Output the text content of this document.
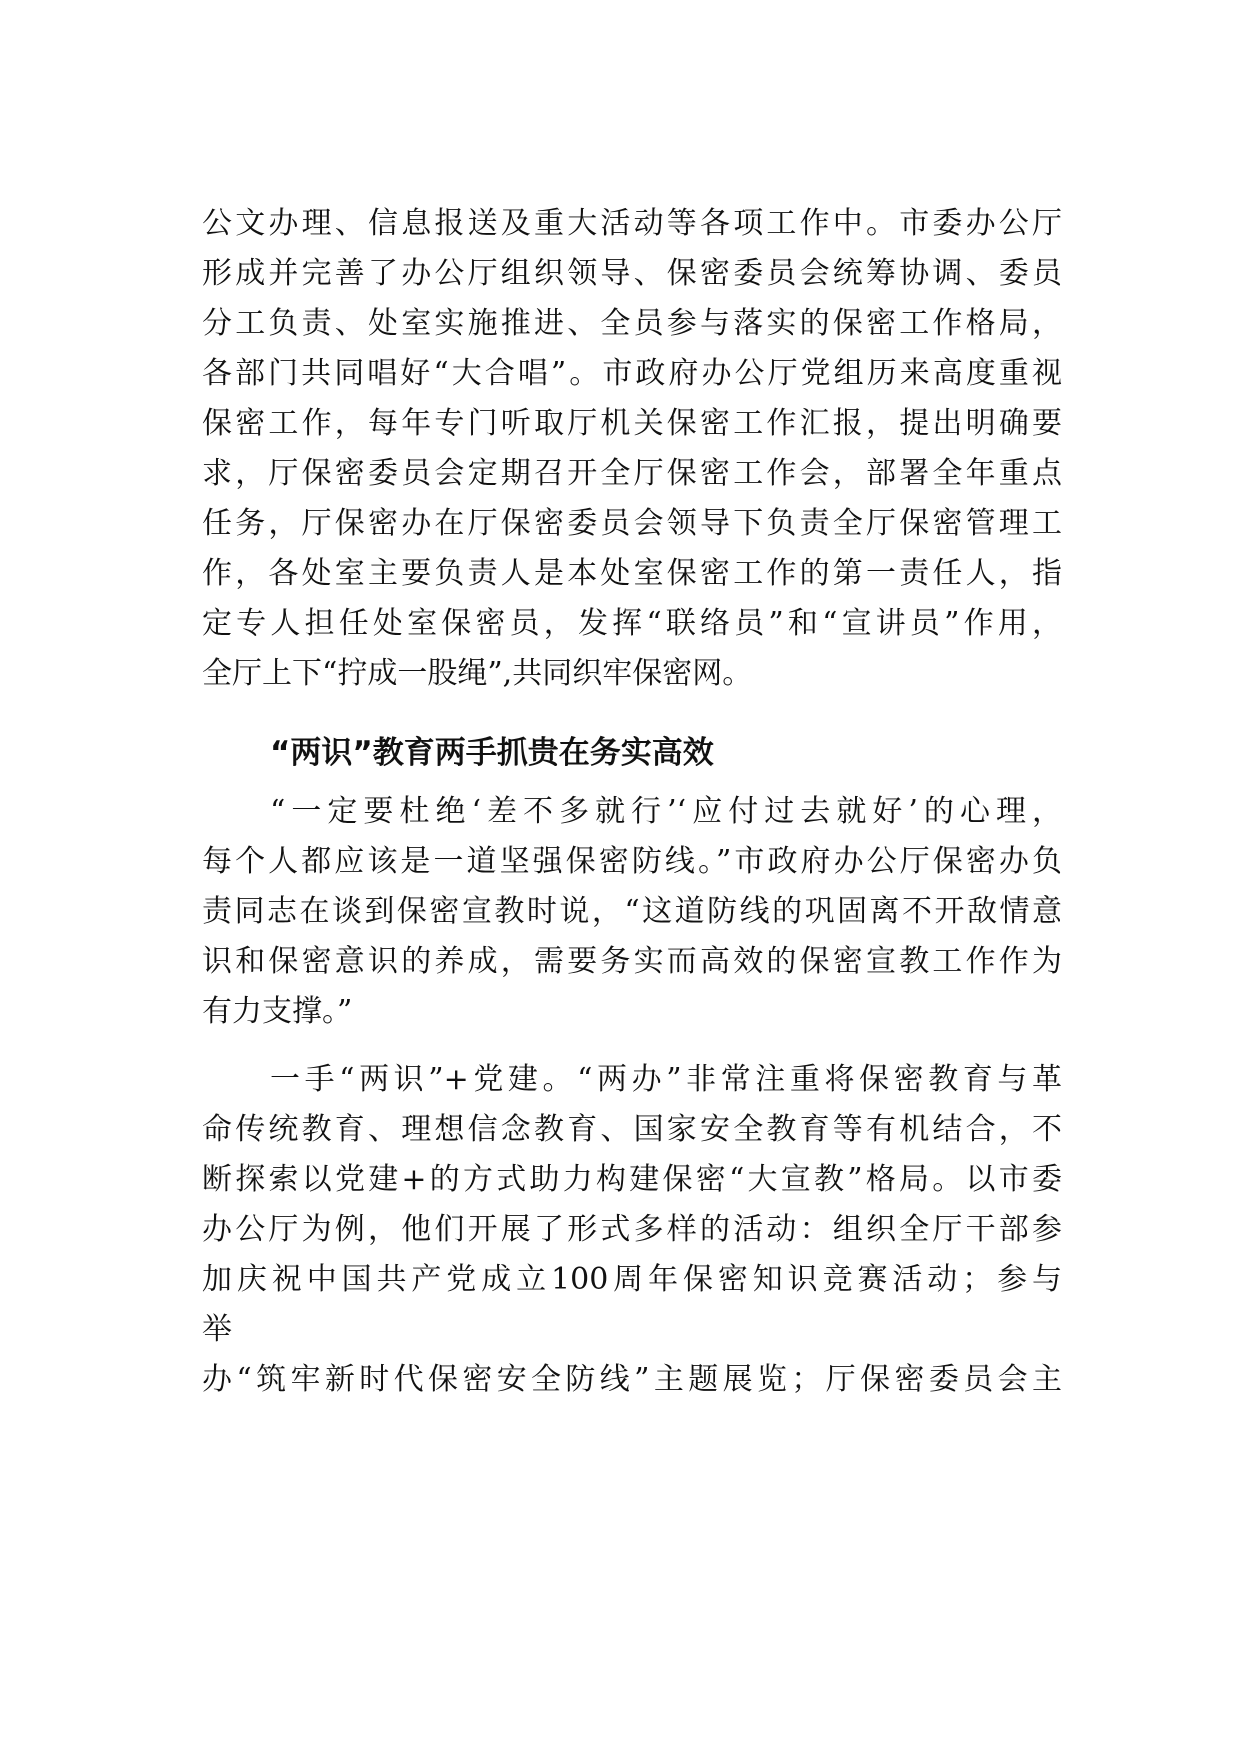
公文办理、信息报送及重大活动等各项工作中。市委办公厅
形成并完善了办公厅组织领导、保密委员会统筹协调、委员
分工负责、处室实施推进、全员参与落实的保密工作格局，
各部门共同唱好“大合唱”。市政府办公厅党组历来高度重视
保密工作，每年专门听取厅机关保密工作汇报，提出明确要
求，厅保密委员会定期召开全厅保密工作会，部署全年重点
任务，厅保密办在厅保密委员会领导下负责全厅保密管理工
作，各处室主要负责人是本处室保密工作的第一责任人，指
定专人担任处室保密员，发挥“联络员”和“宣讲员”作用，
全厅上下“拧成一股绳”,共同织牢保密网。
“两识”教育两手抓贵在务实高效
“一定要杜绝‘差不多就行’‘应付过去就好’的心理，
每个人都应该是一道坚强保密防线。”市政府办公厅保密办负
责同志在谈到保密宣教时说，“这道防线的巩固离不开敌情意
识和保密意识的养成，需要务实而高效的保密宣教工作作为
有力支撑。”
一手“两识”+党建。“两办”非常注重将保密教育与革
命传统教育、理想信念教育、国家安全教育等有机结合，不
断探索以党建+的方式助力构建保密“大宣教”格局。以市委
办公厅为例，他们开展了形式多样的活动：组织全厅干部参
加庆祝中国共产党成立100周年保密知识竞赛活动；参与
举
办“筑牢新时代保密安全防线”主题展览；厅保密委员会主
